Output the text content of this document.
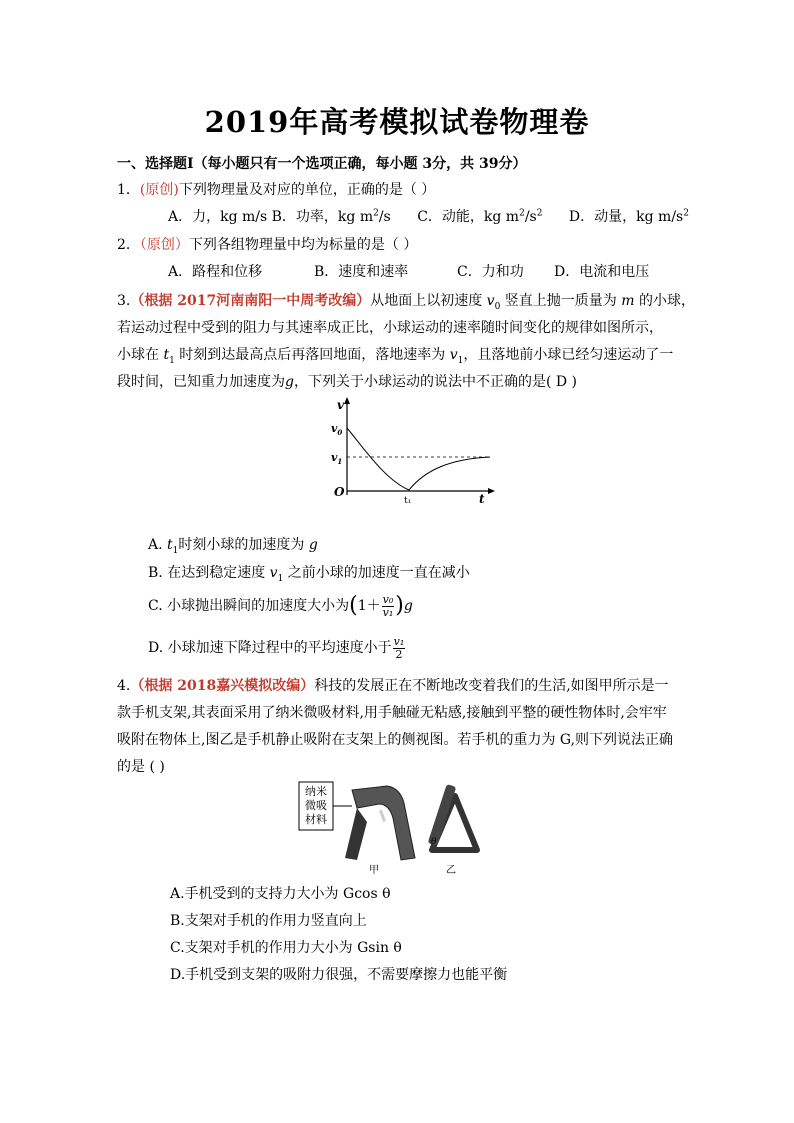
2019年高考模拟试卷物理卷
一、选择题Ⅰ（每小题只有一个选项正确，每小题 3分，共 39分）
1．(原创)下列物理量及对应的单位，正确的是（ ）
A．力，kg m/s B．功率，kg $m^2/s$ C．动能，kg $m^2/s^2$ D．动量，kg $m/s^2$
2．（原创）下列各组物理量中均为标量的是（ ）
A．路程和位移	B．速度和速率	C．力和功 D．电流和电压
3.（根据 2017河南南阳一中周考改编）从地面上以初速度 $v_0$ 竖直上抛一质量为 m 的小球，
若运动过程中受到的阻力与其速率成正比，小球运动的速率随时间变化的规律如图所示，
小球在 $t_1$ 时刻到达最高点后再落回地面，落地速率为 $v_1$，且落地前小球已经匀速运动了一
段时间，已知重力加速度为g，下列关于小球运动的说法中不正确的是( D )
v
$v_0$
$v_1$
O
t₁	t
A. $t_1$时刻小球的加速度为 g
B. 在达到稳定速度 $v_1$ 之前小球的加速度一直在减小
C. 小球抛出瞬间的加速度大小为 ( $1+ \frac{\text{v₀}}{\text{v₁}}$ ) g
D. 小球加速下降过程中的平均速度小于 $\frac{\text{v₁}}{2}$
4.（根据 2018嘉兴模拟改编）科技的发展正在不断地改变着我们的生活,如图甲所示是一
款手机支架,其表面采用了纳米微吸材料,用手触碰无粘感,接触到平整的硬性物体时,会牢牢
吸附在物体上,图乙是手机静止吸附在支架上的侧视图。若手机的重力为 G,则下列说法正确
的是 ( )
纳米
微吸
材料
甲
θ
乙
A.手机受到的支持力大小为 Gcos θ
B.支架对手机的作用力竖直向上
C.支架对手机的作用力大小为 Gsin θ
D.手机受到支架的吸附力很强，不需要摩擦力也能平衡
